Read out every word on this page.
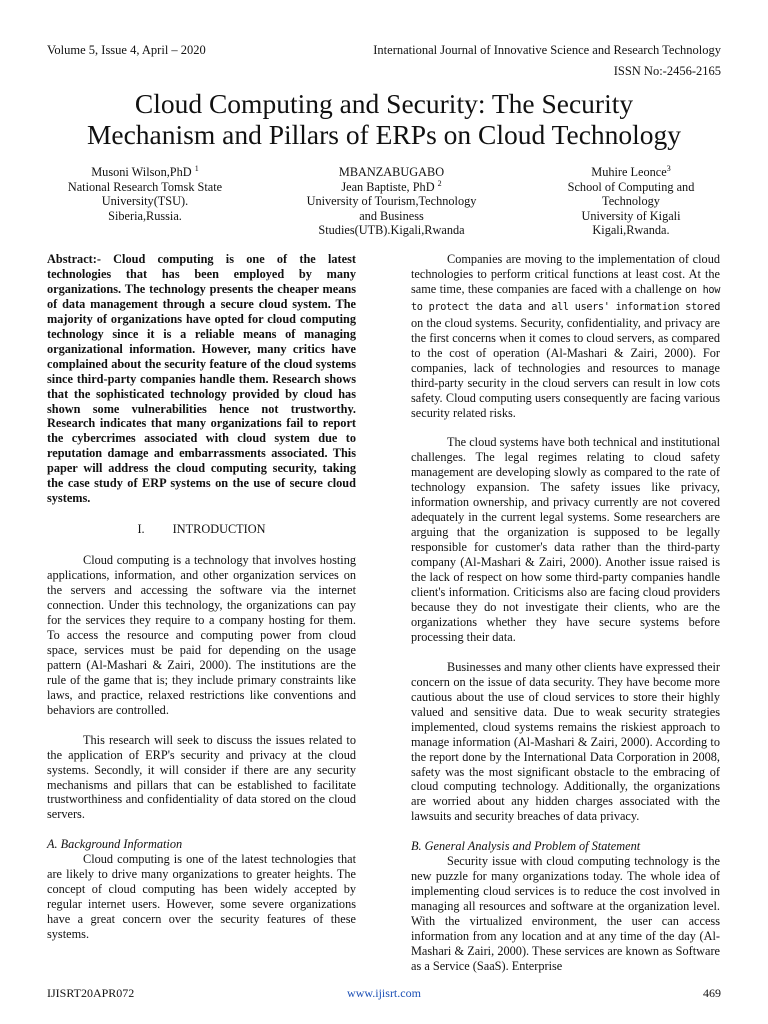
Volume 5, Issue 4, April – 2020	International Journal of Innovative Science and Research Technology
ISSN No:-2456-2165
Cloud Computing and Security: The Security
Mechanism and Pillars of ERPs on Cloud Technology
Musoni Wilson,PhD $^1$
National Research Tomsk State
University(TSU).
Siberia,Russia.
MBANZABUGABO
Jean Baptiste, PhD $^2$
University of Tourism,Technology
and Business
Studies(UTB).Kigali,Rwanda
Muhire Leonce$^3$
School of Computing and
Technology
University of Kigali
Kigali,Rwanda.

Abstract:- Cloud computing is one of the latest technologies that has been employed by many organizations. The technology presents the cheaper means of data management through a secure cloud system. The majority of organizations have opted for cloud computing technology since it is a reliable means of managing organizational information. However, many critics have complained about the security feature of the cloud systems since third-party companies handle them. Research shows that the sophisticated technology provided by cloud has shown some vulnerabilities hence not trustworthy. Research indicates that many organizations fail to report the cybercrimes associated with cloud system due to reputation damage and embarrassments associated. This paper will address the cloud computing security, taking the case study of ERP systems on the use of secure cloud systems.

I. INTRODUCTION

Cloud computing is a technology that involves hosting applications, information, and other organization services on the servers and accessing the software via the internet connection. Under this technology, the organizations can pay for the services they require to a company hosting for them. To access the resource and computing power from cloud space, services must be paid for depending on the usage pattern (Al-Mashari & Zairi, 2000). The institutions are the rule of the game that is; they include primary constraints like laws, and practice, relaxed restrictions like conventions and behaviors are controlled.

This research will seek to discuss the issues related to the application of ERP's security and privacy at the cloud systems. Secondly, it will consider if there are any security mechanisms and pillars that can be established to facilitate trustworthiness and confidentiality of data stored on the cloud servers.

A. Background Information

Cloud computing is one of the latest technologies that are likely to drive many organizations to greater heights. The concept of cloud computing has been widely accepted by regular internet users. However, some severe organizations have a great concern over the security features of these systems.

Companies are moving to the implementation of cloud technologies to perform critical functions at least cost. At the same time, these companies are faced with a challenge on how to protect the data and all users' information stored on the cloud systems. Security, confidentiality, and privacy are the first concerns when it comes to cloud servers, as compared to the cost of operation (Al-Mashari & Zairi, 2000). For companies, lack of technologies and resources to manage third-party security in the cloud servers can result in low cots safety. Cloud computing users consequently are facing various security related risks.

The cloud systems have both technical and institutional challenges. The legal regimes relating to cloud safety management are developing slowly as compared to the rate of technology expansion. The safety issues like privacy, information ownership, and privacy currently are not covered adequately in the current legal systems. Some researchers are arguing that the organization is supposed to be legally responsible for customer's data rather than the third-party company (Al-Mashari & Zairi, 2000). Another issue raised is the lack of respect on how some third-party companies handle client's information. Criticisms also are facing cloud providers because they do not investigate their clients, who are the organizations whether they have secure systems before processing their data.

Businesses and many other clients have expressed their concern on the issue of data security. They have become more cautious about the use of cloud services to store their highly valued and sensitive data. Due to weak security strategies implemented, cloud systems remains the riskiest approach to manage information (Al-Mashari & Zairi, 2000). According to the report done by the International Data Corporation in 2008, safety was the most significant obstacle to the embracing of cloud computing technology. Additionally, the organizations are worried about any hidden charges associated with the lawsuits and security breaches of data privacy.

B. General Analysis and Problem of Statement

Security issue with cloud computing technology is the new puzzle for many organizations today. The whole idea of implementing cloud services is to reduce the cost involved in managing all resources and software at the organization level. With the virtualized environment, the user can access information from any location and at any time of the day (Al-Mashari & Zairi, 2000). These services are known as Software as a Service (SaaS). Enterprise

IJISRT20APR072	www.ijisrt.com	469
